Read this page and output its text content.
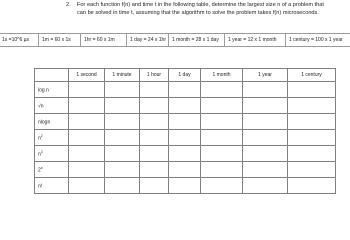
2.	For each function f(n) and time t in the following table, determine the largest size n of a problem that can be solved in time t, assuming that the algorithm to solve the problem takes f(n) microseconds.
1s =10^6 µs	1m = 60 x 1s	1hr = 60 x 1m	1 day = 24 x 1hr	1 month = 28 x 1 day	1 year = 12 x 1 month	1 century = 100 x 1 year
	1 second	1 minute	1 hour	1 day	1 month	1 year	1 century
log n							
√n							
nlogn							
$n^2$							
$n^3$							
2$^n$							
n!							
